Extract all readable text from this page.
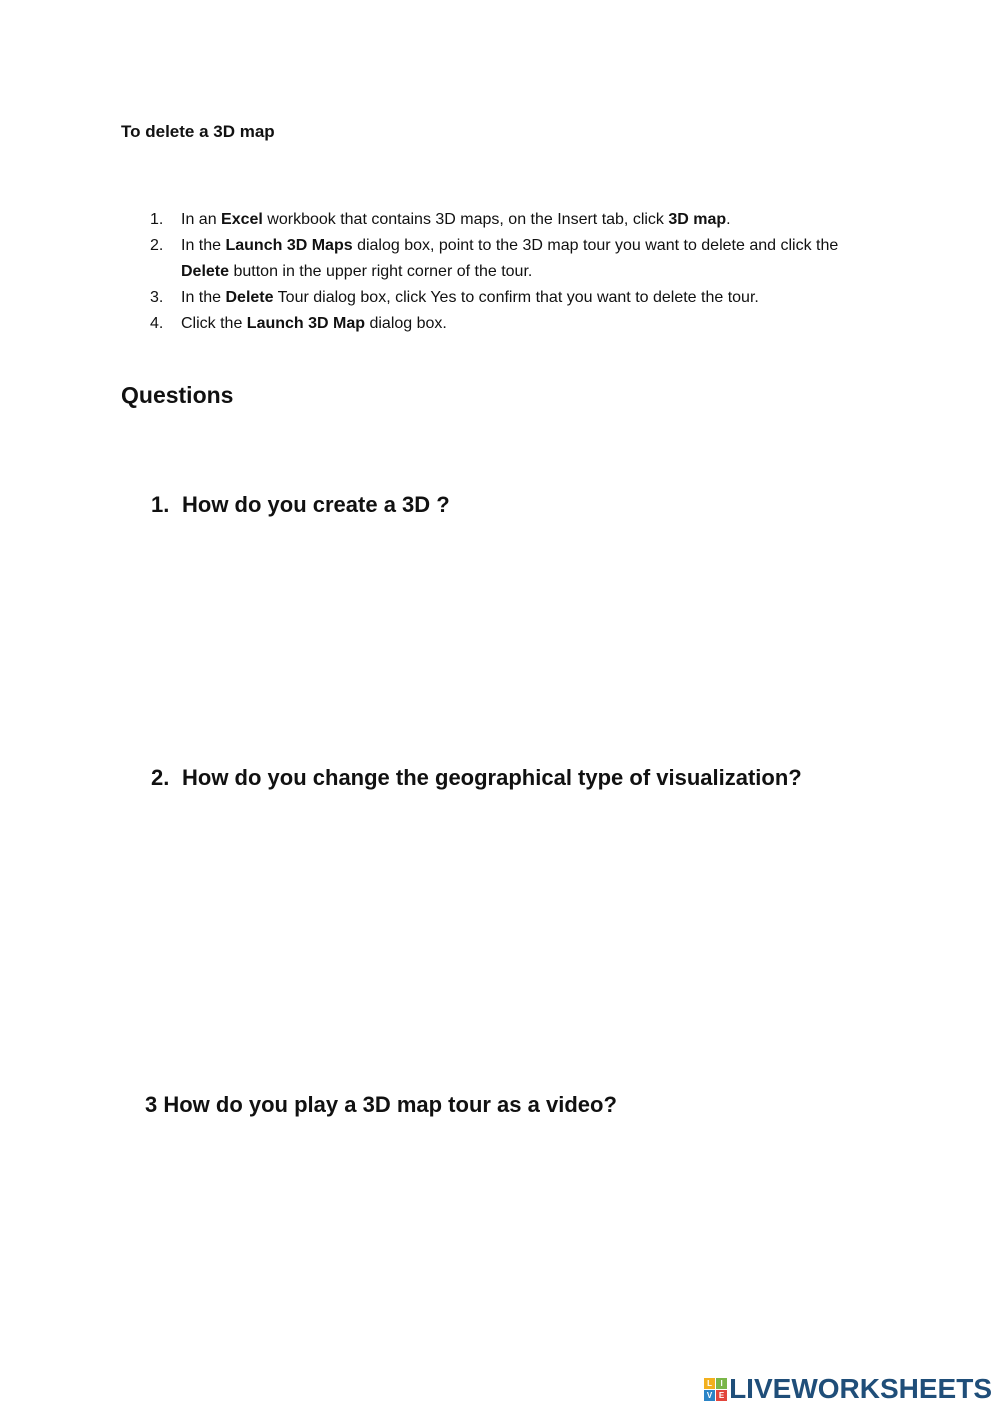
To delete a 3D map
1.	In an Excel workbook that contains 3D maps, on the Insert tab, click 3D map.
2.	In the Launch 3D Maps dialog box, point to the 3D map tour you want to delete and click the Delete button in the upper right corner of the tour.
3.	In the Delete Tour dialog box, click Yes to confirm that you want to delete the tour.
4.	Click the Launch 3D Map dialog box.
Questions
1. How do you create a 3D ?
2. How do you change the geographical type of visualization?
3 How do you play a 3D map tour as a video?
L	I
V E LIVEWORKSHEETS
